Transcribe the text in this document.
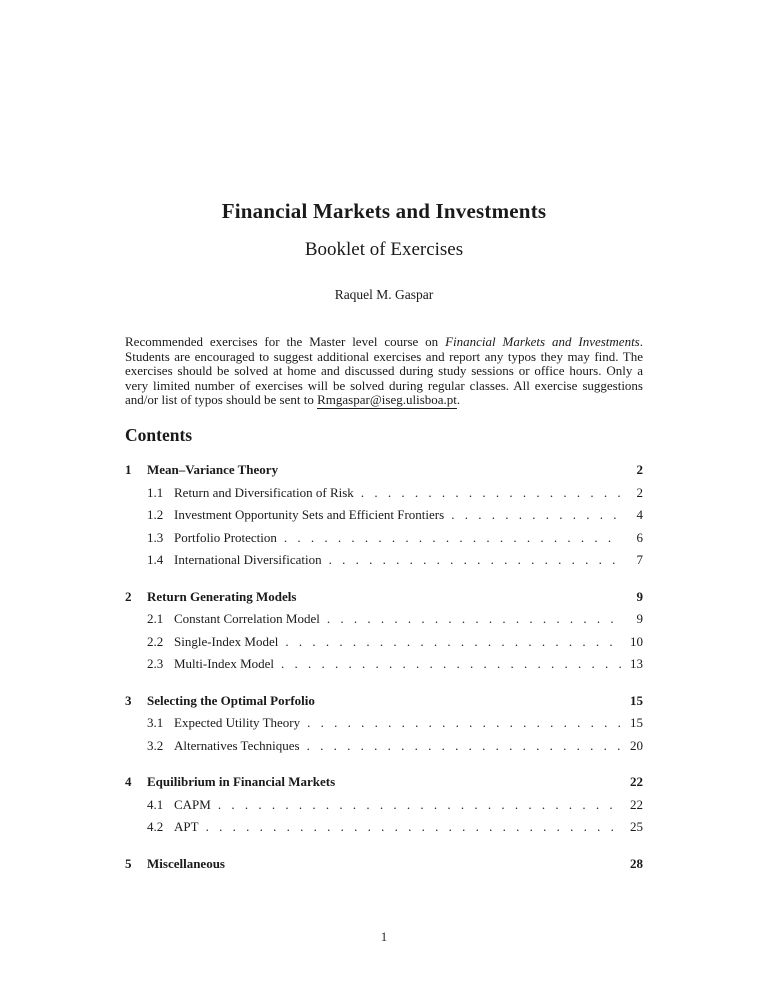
Financial Markets and Investments
Booklet of Exercises
Raquel M. Gaspar

Recommended exercises for the Master level course on Financial Markets and Investments. Students are encouraged to suggest additional exercises and report any typos they may find. The exercises should be solved at home and discussed during study sessions or office hours. Only a very limited number of exercises will be solved during regular classes. All exercise suggestions and/or list of typos should be sent to Rmgaspar@iseg.ulisboa.pt.

Contents
1	Mean–Variance Theory	2
1.1 Return and Diversification of Risk . . .	2
1.2 Investment Opportunity Sets and Efficient Frontiers . . .	4
1.3 Portfolio Protection . . .	6
1.4 International Diversification . . .	7
2	Return Generating Models	9
2.1 Constant Correlation Model . . .	9
2.2 Single-Index Model . . .	10
2.3 Multi-Index Model . . .	13
3	Selecting the Optimal Porfolio	15
3.1 Expected Utility Theory . . .	15
3.2 Alternatives Techniques . . .	20
4	Equilibrium in Financial Markets	22
4.1 CAPM . . .	22
4.2 APT . . .	25
5	Miscellaneous	28
1
